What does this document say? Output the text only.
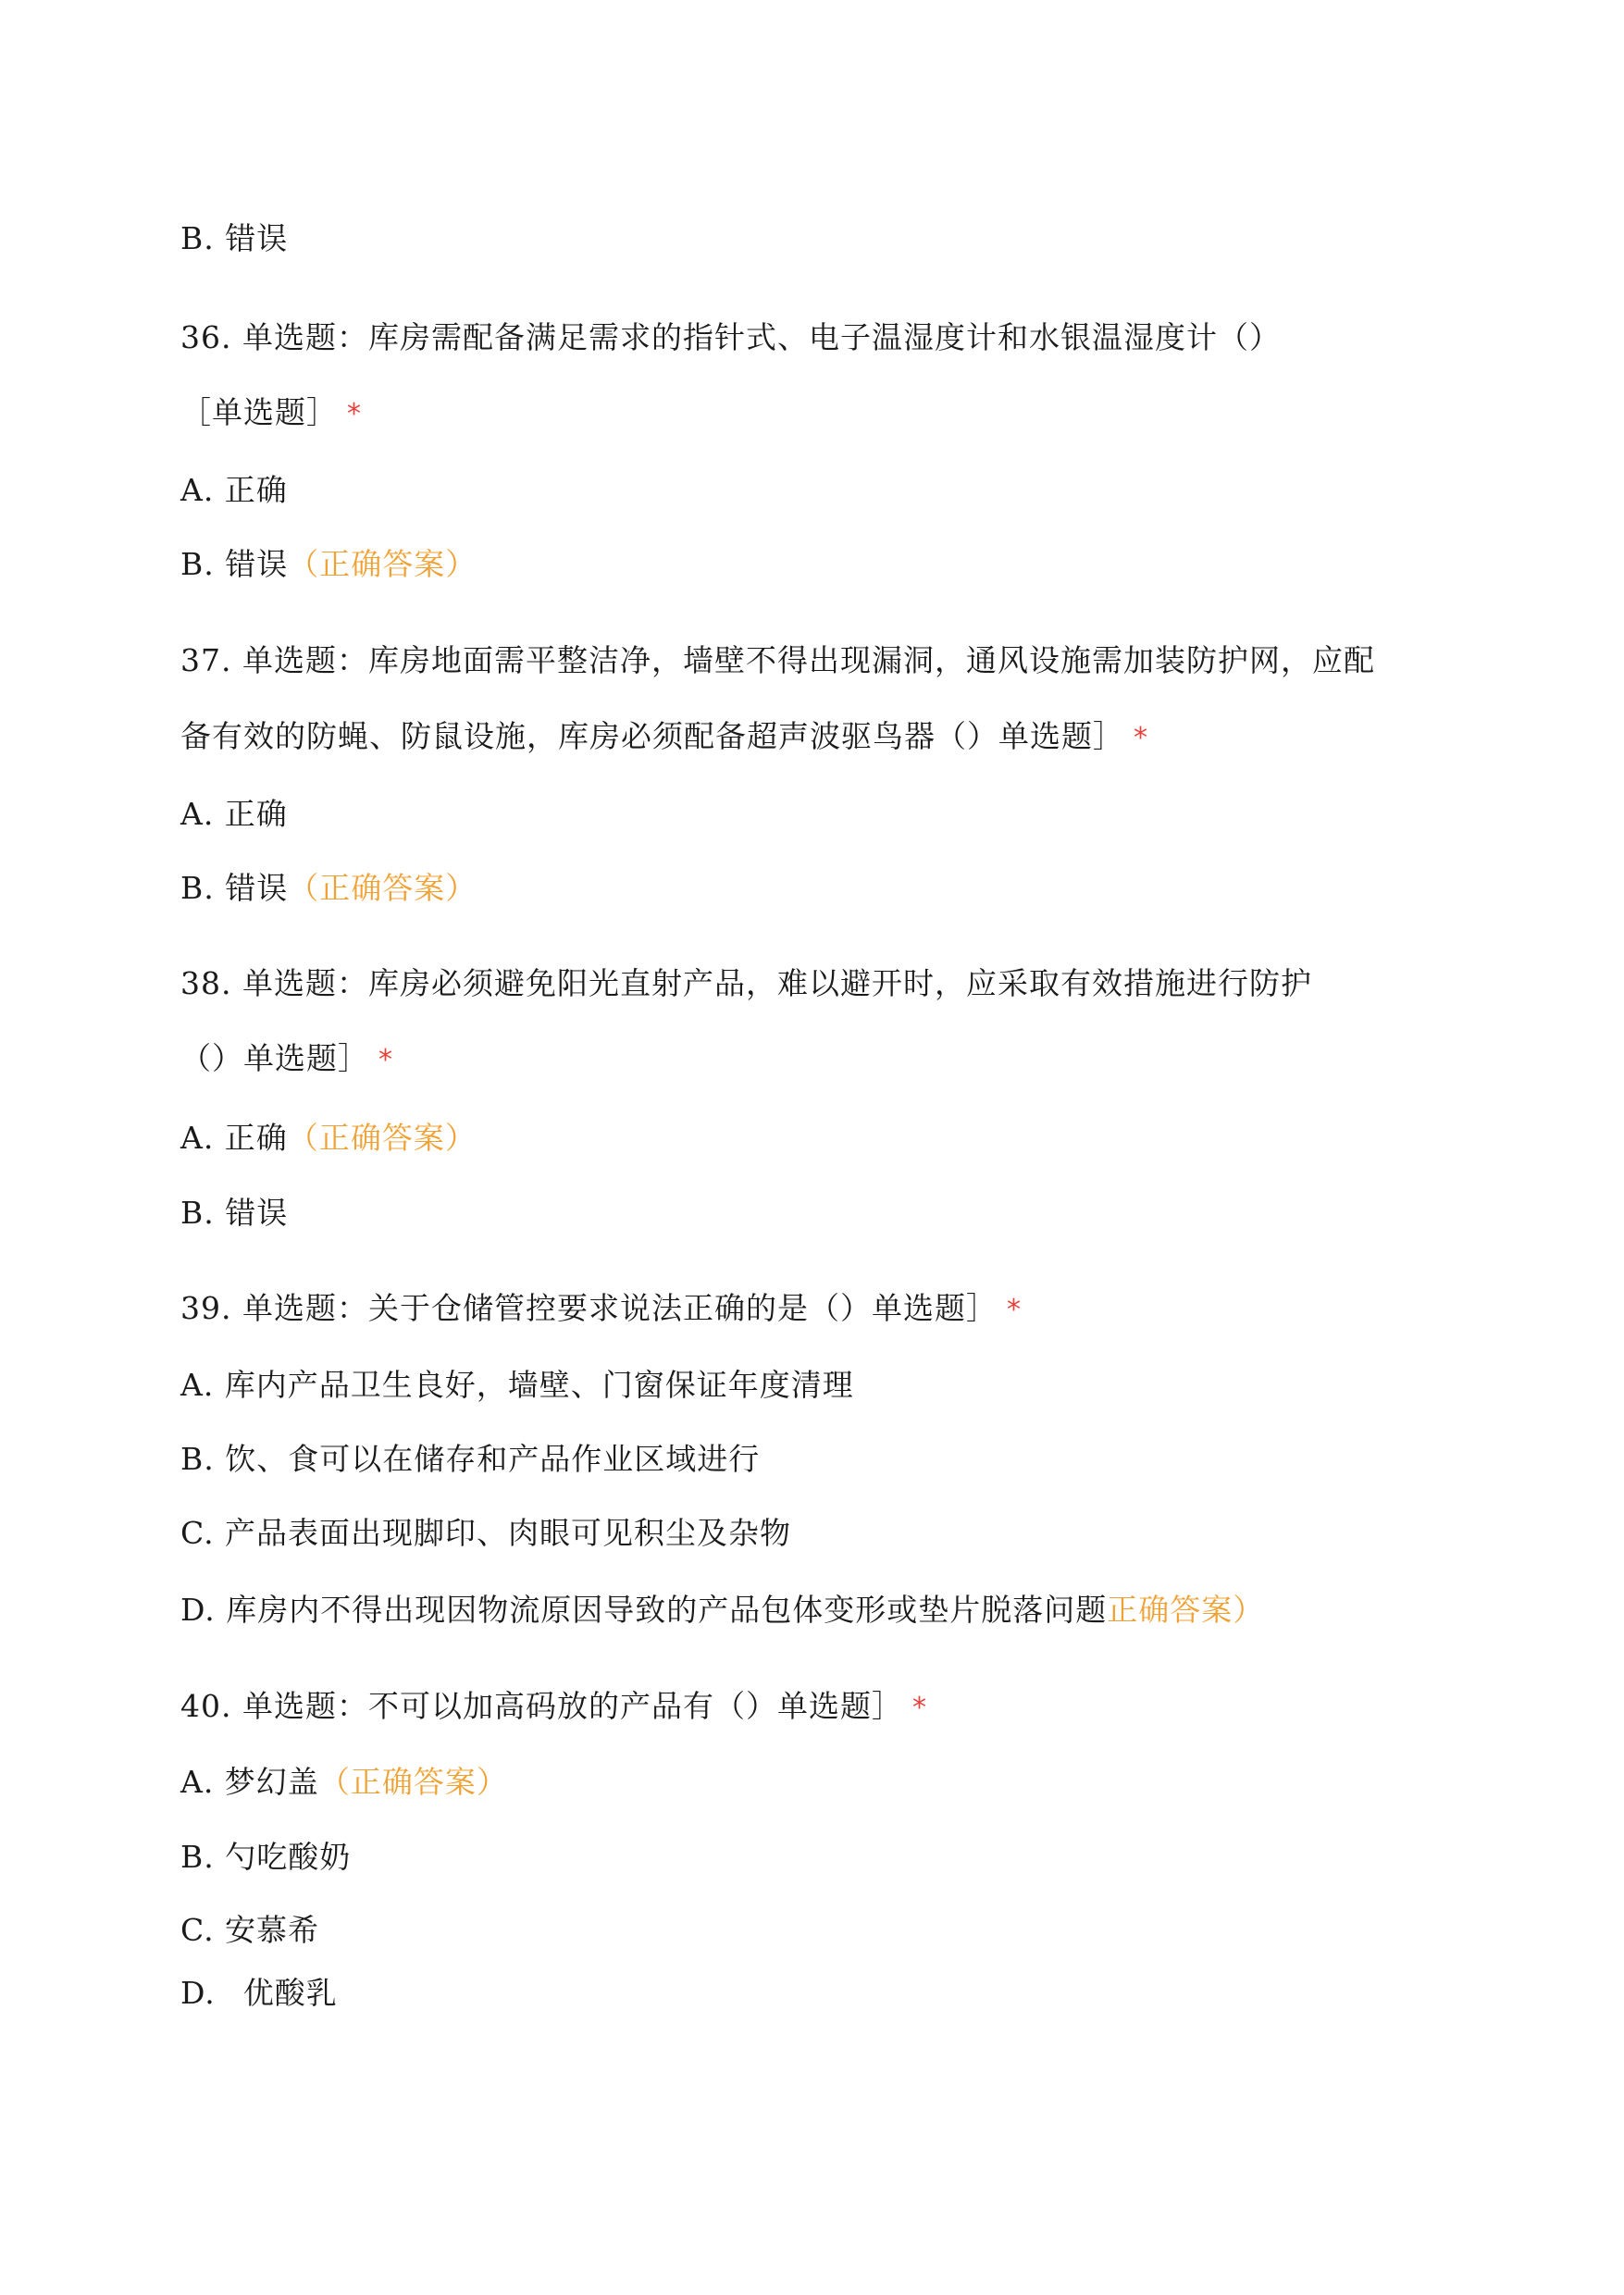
B. 错误
36. 单选题：库房需配备满足需求的指针式、电子温湿度计和水银温湿度计（）
［单选题］ *
A. 正确
B. 错误（正确答案）
37. 单选题：库房地面需平整洁净，墙壁不得出现漏洞，通风设施需加装防护网，应配
备有效的防蝇、防鼠设施，库房必须配备超声波驱鸟器（）单选题］ *
A. 正确
B. 错误（正确答案）
38. 单选题：库房必须避免阳光直射产品，难以避开时，应采取有效措施进行防护
（）单选题］ *
A. 正确（正确答案）
B. 错误
39. 单选题：关于仓储管控要求说法正确的是（）单选题］ *
A. 库内产品卫生良好，墙壁、门窗保证年度清理
B. 饮、食可以在储存和产品作业区域进行
C. 产品表面出现脚印、肉眼可见积尘及杂物
D. 库房内不得出现因物流原因导致的产品包体变形或垫片脱落问题正确答案）
40. 单选题：不可以加高码放的产品有（）单选题］ *
A. 梦幻盖（正确答案）
B. 勺吃酸奶
C. 安慕希
D. 优酸乳
